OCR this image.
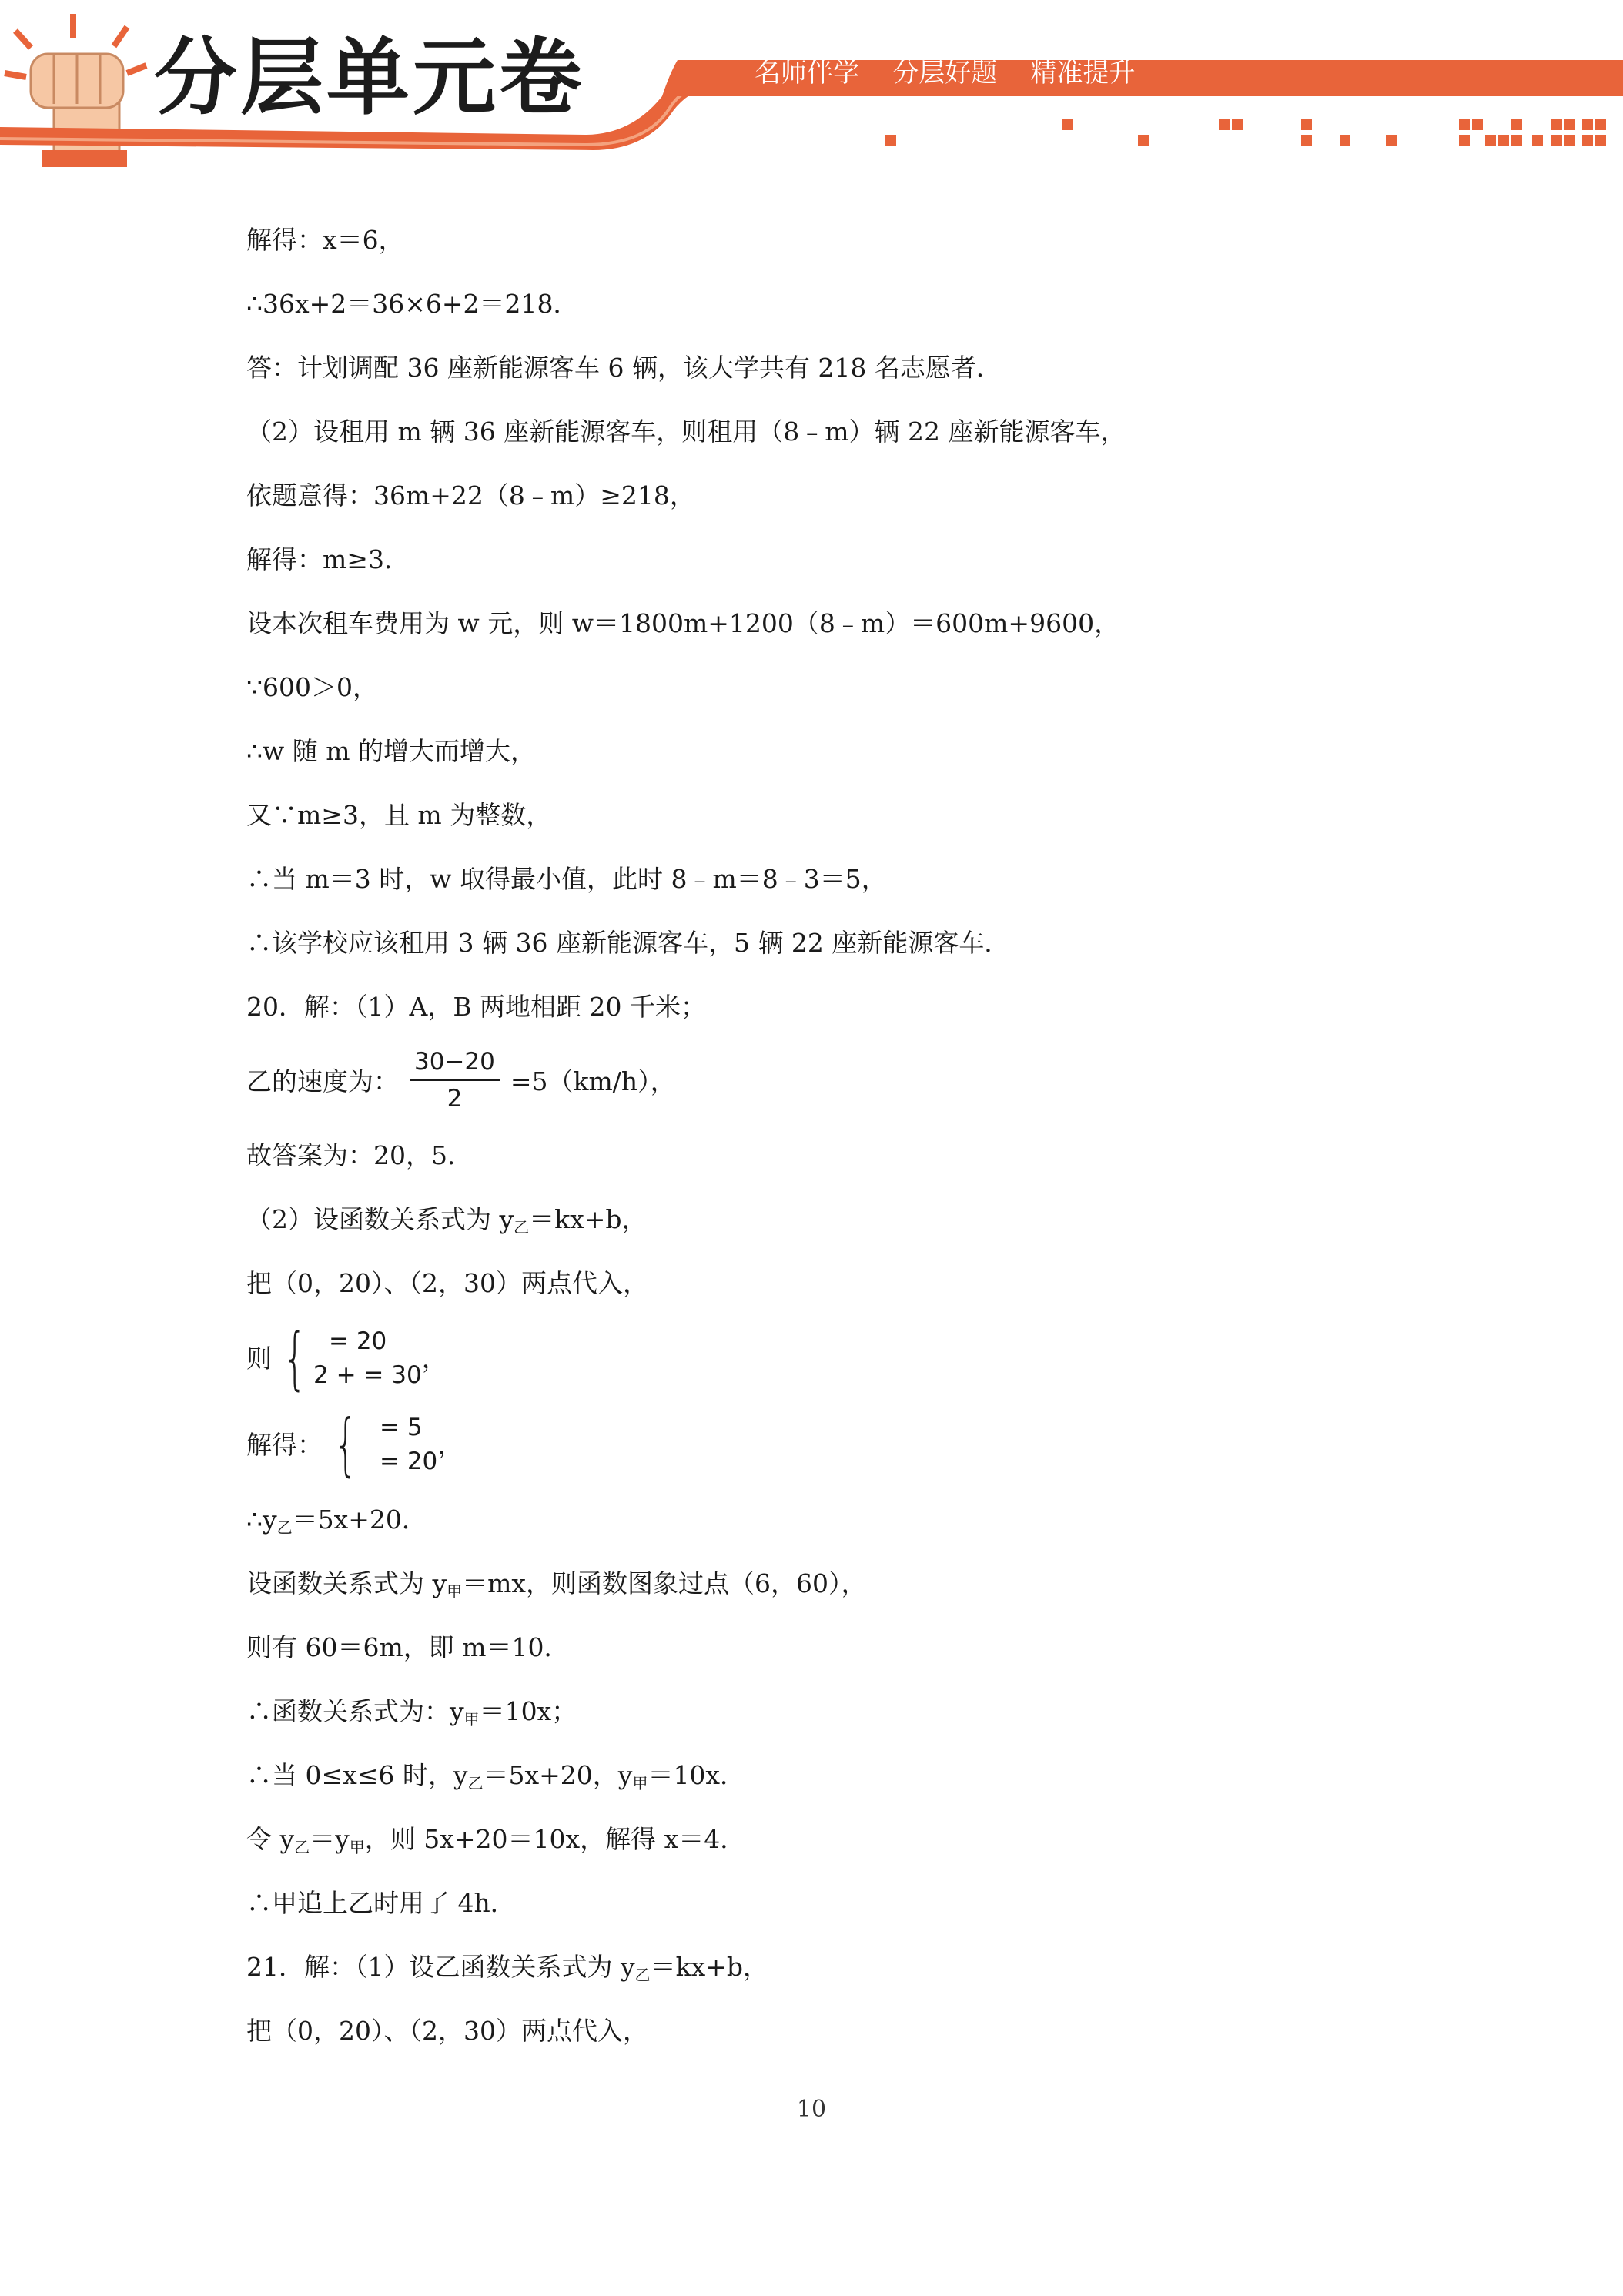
分层单元卷	名师伴学    分层好题    精准提升
解得：x＝6，
∴36x+2＝36×6+2＝218．
答：计划调配 36 座新能源客车 6 辆，该大学共有 218 名志愿者．
（2）设租用 m 辆 36 座新能源客车，则租用（8﹣m）辆 22 座新能源客车，
依题意得：36m+22（8﹣m）≥218，
解得：m≥3．
设本次租车费用为 w 元，则 w＝1800m+1200（8﹣m）＝600m+9600，
∵600＞0，
∴w 随 m 的增大而增大，
又∵m≥3，且 m 为整数，
∴当 m＝3 时，w 取得最小值，此时 8﹣m＝8﹣3＝5，
∴该学校应该租用 3 辆 36 座新能源客车，5 辆 22 座新能源客车．
20．解：（1）A，B 两地相距 20 千米；
乙的速度为： $\frac{30-20}{2} =5(km/h)$，
故答案为：20，5．
（2）设函数关系式为 $y_乙=kx+b$，
把（0，20）、（2，30）两点代入，
则 { = 20
2 + = 30
，
解得： { = 5
= 20
，
$\therefore y_乙=5x+20$．
设函数关系式为 $y_甲=mx$，则函数图象过点（6，60），
则有 60＝6m，即 m＝10．
∴函数关系式为：$y_甲=10x$；
∴当 0≤x≤6 时，$y_乙=5x+20$，$y_甲=10x$．
令 $y_乙=y_甲$，则 5x+20＝10x，解得 x＝4．
∴甲追上乙时用了 4h．
21．解：（1）设乙函数关系式为 $y_乙=kx+b$，
把（0，20）、（2，30）两点代入，
10
